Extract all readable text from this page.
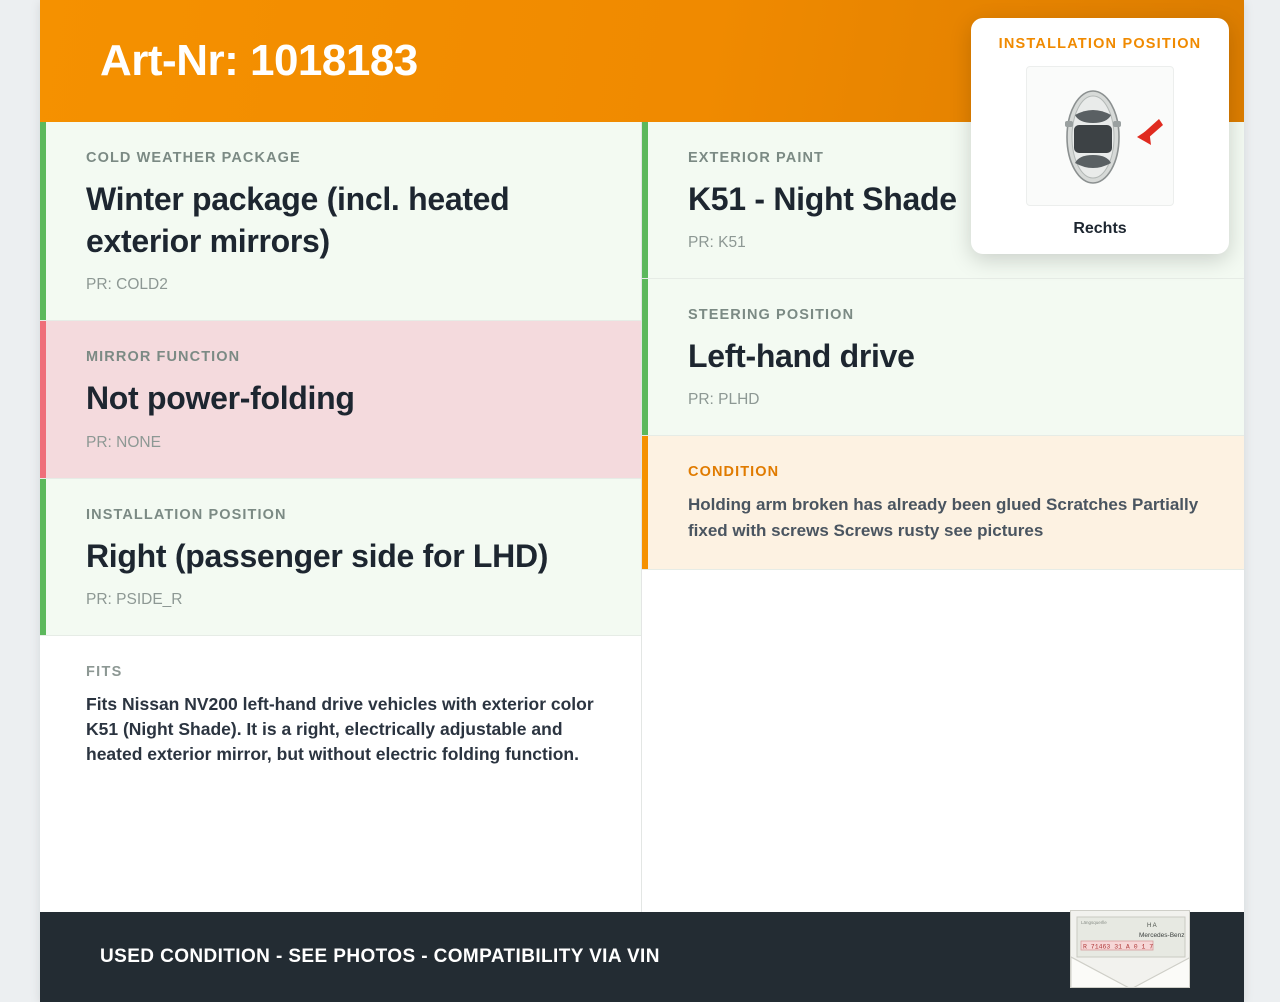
Art-Nr: 1018183
COLD WEATHER PACKAGE
Winter package (incl. heated exterior mirrors)
PR: COLD2
MIRROR FUNCTION
Not power-folding
PR: NONE
INSTALLATION POSITION
Right (passenger side for LHD)
PR: PSIDE_R
FITS
Fits Nissan NV200 left-hand drive vehicles with exterior color K51 (Night Shade). It is a right, electrically adjustable and heated exterior mirror, but without electric folding function.
EXTERIOR PAINT
K51 - Night Shade
PR: K51
STEERING POSITION
Left-hand drive
PR: PLHD
CONDITION
Holding arm broken has already been glued Scratches Partially fixed with screws Screws rusty see pictures
INSTALLATION POSITION
Rechts
USED CONDITION - SEE PHOTOS - COMPATIBILITY VIA VIN	R 71463 31 A 0 1 7
Längsquerlle
H A
Mercedes-Benz
